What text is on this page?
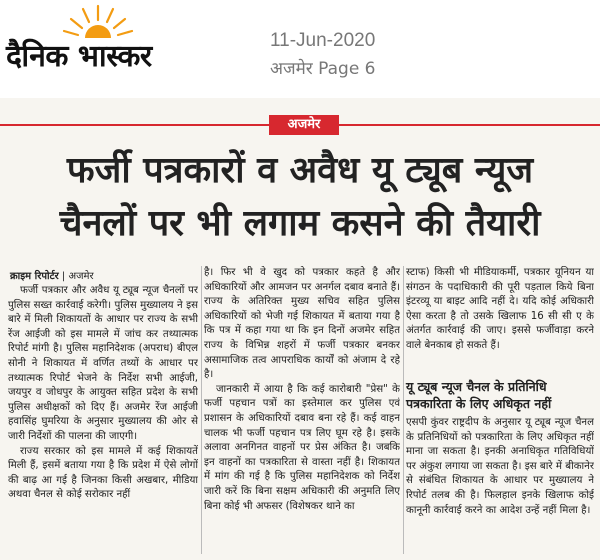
दैनिक भास्कर	11-Jun-2020
अजमेर Page 6
अजमेर
फर्जी पत्रकारों व अवैध यू ट्यूब न्यूज
चैनलों पर भी लगाम कसने की तैयारी
क्राइम रिपोर्टर | अजमेर

फर्जी पत्रकार और अवैध यू ट्यूब न्यूज चैनलों पर पुलिस सख्त कार्रवाई करेगी। पुलिस मुख्यालय ने इस बारे में मिली शिकायतों के आधार पर राज्य के सभी रेंज आईजी को इस मामले में जांच कर तथ्यात्मक रिपोर्ट मांगी है। पुलिस महानिदेशक (अपराध) बीएल सोनी ने शिकायत में वर्णित तथ्यों के आधार पर तथ्यात्मक रिपोर्ट भेजने के निर्देश सभी आईजी, जयपुर व जोधपुर के आयुक्त सहित प्रदेश के सभी पुलिस अधीक्षकों को दिए हैं। अजमेर रेंज आईजी हवासिंह घुमरिया के अनुसार मुख्यालय की ओर से जारी निर्देशों की पालना की जाएगी।

राज्य सरकार को इस मामले में कई शिकायतें मिली हैं, इसमें बताया गया है कि प्रदेश में ऐसे लोगों की बाढ़ आ गई है जिनका किसी अखबार, मीडिया अथवा चैनल से कोई सरोकार नहीं

है। फिर भी वे खुद को पत्रकार कहते है और अधिकारियों और आमजन पर अनर्गल दबाव बनाते हैं। राज्य के अतिरिक्त मुख्य सचिव सहित पुलिस अधिकारियों को भेजी गई शिकायत में बताया गया है कि पत्र में कहा गया था कि इन दिनों अजमेर सहित राज्य के विभिन्न शहरों में फर्जी पत्रकार बनकर असामाजिक तत्व आपराधिक कार्यों को अंजाम दे रहे है।

जानकारी में आया है कि कई कारोबारी "प्रेस" के फर्जी पहचान पत्रों का इस्तेमाल कर पुलिस एवं प्रशासन के अधिकारियों दबाव बना रहे हैं। कई वाहन चालक भी फर्जी पहचान पत्र लिए घूम रहे है। इसके अलावा अनगिनत वाहनों पर प्रेस अंकित है। जबकि इन वाहनों का पत्रकारिता से वास्ता नहीं है। शिकायत में मांग की गई है कि पुलिस महानिदेशक को निर्देश जारी करें कि बिना सक्षम अधिकारी की अनुमति लिए बिना कोई भी अफसर (विशेषकर थाने का

स्टाफ) किसी भी मीडियाकर्मी, पत्रकार यूनियन या संगठन के पदाधिकारी की पूरी पड़ताल किये बिना इंटरव्यू या बाइट आदि नहीं दे। यदि कोई अधिकारी ऐसा करता है तो उसके खिलाफ 16 सी सी ए के अंतर्गत कार्रवाई की जाए। इससे फर्जीवाड़ा करने वाले बेनकाब हो सकते हैं।

यू ट्यूब न्यूज चैनल के प्रतिनिधि पत्रकारिता के लिए अधिकृत नहीं

एसपी कुंवर राष्ट्रदीप के अनुसार यू ट्यूब न्यूज चैनल के प्रतिनिधियों को पत्रकारिता के लिए अधिकृत नहीं माना जा सकता है। इनकी अनाधिकृत गतिविधियों पर अंकुश लगाया जा सकता है। इस बारे में बीकानेर से संबंधित शिकायत के आधार पर मुख्यालय ने रिपोर्ट तलब की है। फिलहाल इनके खिलाफ कोई कानूनी कार्रवाई करने का आदेश उन्हें नहीं मिला है।
